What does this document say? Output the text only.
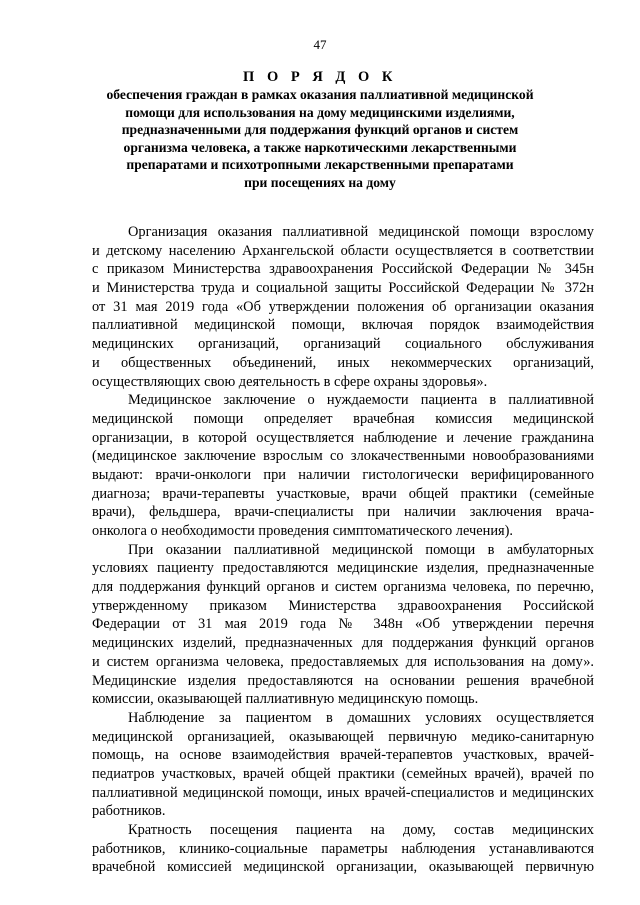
47

П О Р Я Д О К

обеспечения граждан в рамках оказания паллиативной медицинской

помощи для использования на дому медицинскими изделиями,

предназначенными для поддержания функций органов и систем

организма человека, а также наркотическими лекарственными

препаратами и психотропными лекарственными препаратами

при посещениях на дому

Организация оказания паллиативной медицинской помощи взрослому
и детскому населению Архангельской области осуществляется в соответствии
с приказом Министерства здравоохранения Российской Федерации № 345н
и Министерства труда и социальной защиты Российской Федерации № 372н
от 31 мая 2019 года «Об утверждении положения об организации оказания
паллиативной медицинской помощи, включая порядок взаимодействия
медицинских организаций, организаций социального обслуживания
и общественных объединений, иных некоммерческих организаций,
осуществляющих свою деятельность в сфере охраны здоровья».
Медицинское заключение о нуждаемости пациента в паллиативной
медицинской помощи определяет врачебная комиссия медицинской
организации, в которой осуществляется наблюдение и лечение гражданина
(медицинское заключение взрослым со злокачественными новообразованиями
выдают: врачи-онкологи при наличии гистологически верифицированного
диагноза; врачи-терапевты участковые, врачи общей практики (семейные
врачи), фельдшера, врачи-специалисты при наличии заключения врача-
онколога о необходимости проведения симптоматического лечения).
При оказании паллиативной медицинской помощи в амбулаторных
условиях пациенту предоставляются медицинские изделия, предназначенные
для поддержания функций органов и систем организма человека, по перечню,
утвержденному приказом Министерства здравоохранения Российской
Федерации от 31 мая 2019 года № 348н «Об утверждении перечня
медицинских изделий, предназначенных для поддержания функций органов
и систем организма человека, предоставляемых для использования на дому».
Медицинские изделия предоставляются на основании решения врачебной
комиссии, оказывающей паллиативную медицинскую помощь.
Наблюдение за пациентом в домашних условиях осуществляется
медицинской организацией, оказывающей первичную медико-санитарную
помощь, на основе взаимодействия врачей-терапевтов участковых, врачей-
педиатров участковых, врачей общей практики (семейных врачей), врачей по
паллиативной медицинской помощи, иных врачей-специалистов и медицинских
работников.
Кратность посещения пациента на дому, состав медицинских
работников, клинико-социальные параметры наблюдения устанавливаются
врачебной комиссией медицинской организации, оказывающей первичную
